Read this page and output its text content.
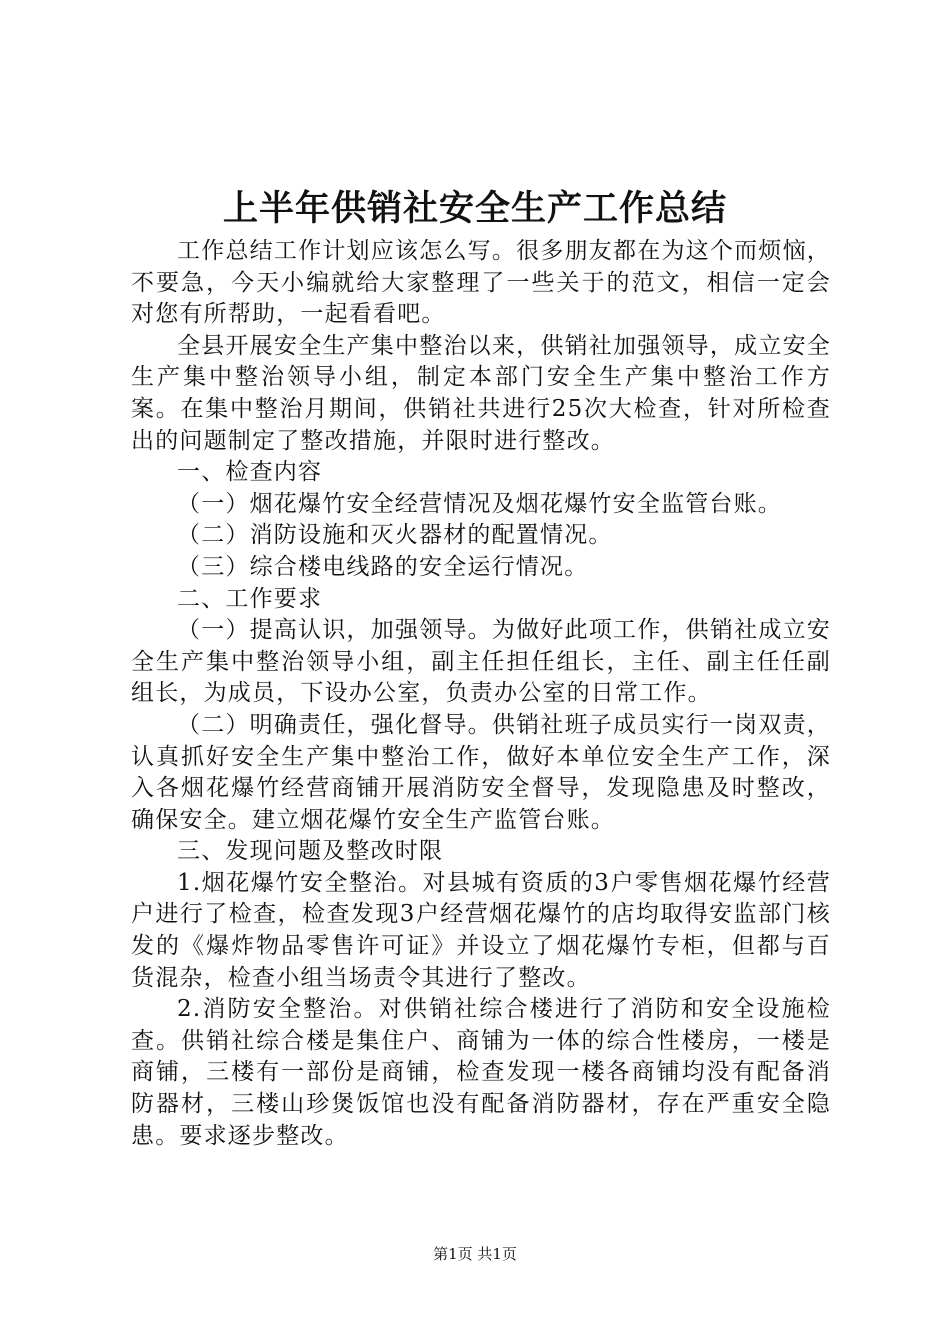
上半年供销社安全生产工作总结

工作总结工作计划应该怎么写。很多朋友都在为这个而烦恼，不要急，今天小编就给大家整理了一些关于的范文，相信一定会对您有所帮助，一起看看吧。

全县开展安全生产集中整治以来，供销社加强领导，成立安全生产集中整治领导小组，制定本部门安全生产集中整治工作方案。在集中整治月期间，供销社共进行25次大检查，针对所检查出的问题制定了整改措施，并限时进行整改。

一、检查内容

（一）烟花爆竹安全经营情况及烟花爆竹安全监管台账。

（二）消防设施和灭火器材的配置情况。

（三）综合楼电线路的安全运行情况。

二、工作要求

（一）提高认识，加强领导。为做好此项工作，供销社成立安全生产集中整治领导小组，副主任担任组长，主任、副主任任副组长，为成员，下设办公室，负责办公室的日常工作。

（二）明确责任，强化督导。供销社班子成员实行一岗双责，认真抓好安全生产集中整治工作，做好本单位安全生产工作，深入各烟花爆竹经营商铺开展消防安全督导，发现隐患及时整改，确保安全。建立烟花爆竹安全生产监管台账。

三、发现问题及整改时限

1.烟花爆竹安全整治。对县城有资质的3户零售烟花爆竹经营户进行了检查，检查发现3户经营烟花爆竹的店均取得安监部门核发的《爆炸物品零售许可证》并设立了烟花爆竹专柜，但都与百货混杂，检查小组当场责令其进行了整改。

2.消防安全整治。对供销社综合楼进行了消防和安全设施检查。供销社综合楼是集住户、商铺为一体的综合性楼房，一楼是商铺，三楼有一部份是商铺，检查发现一楼各商铺均没有配备消防器材，三楼山珍煲饭馆也没有配备消防器材，存在严重安全隐患。要求逐步整改。

第1页 共1页
